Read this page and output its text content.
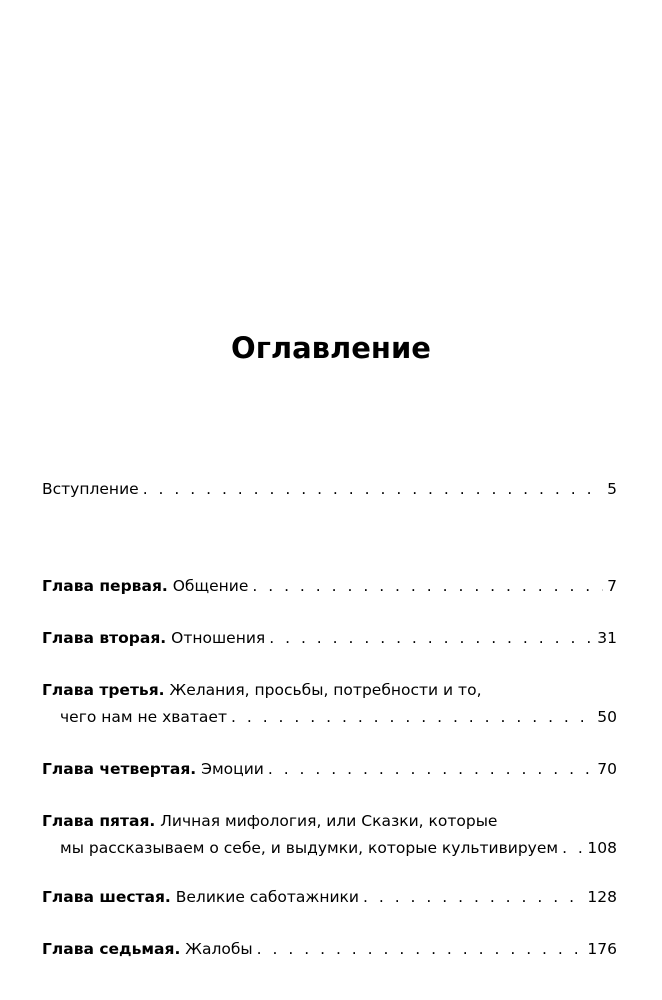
Оглавление
Вступление . . .	5
Глава первая. Общение . . .	7
Глава вторая. Отношения . . .	31
Глава третья. Желания, просьбы, потребности и то,
чего нам не хватает . . .	50
Глава четвертая. Эмоции . . .	70
Глава пятая. Личная мифология, или Сказки, которые
мы рассказываем о себе, и выдумки, которые культивируем . . . 108
Глава шестая. Великие саботажники . . .	128
Глава седьмая. Жалобы . . .	176
